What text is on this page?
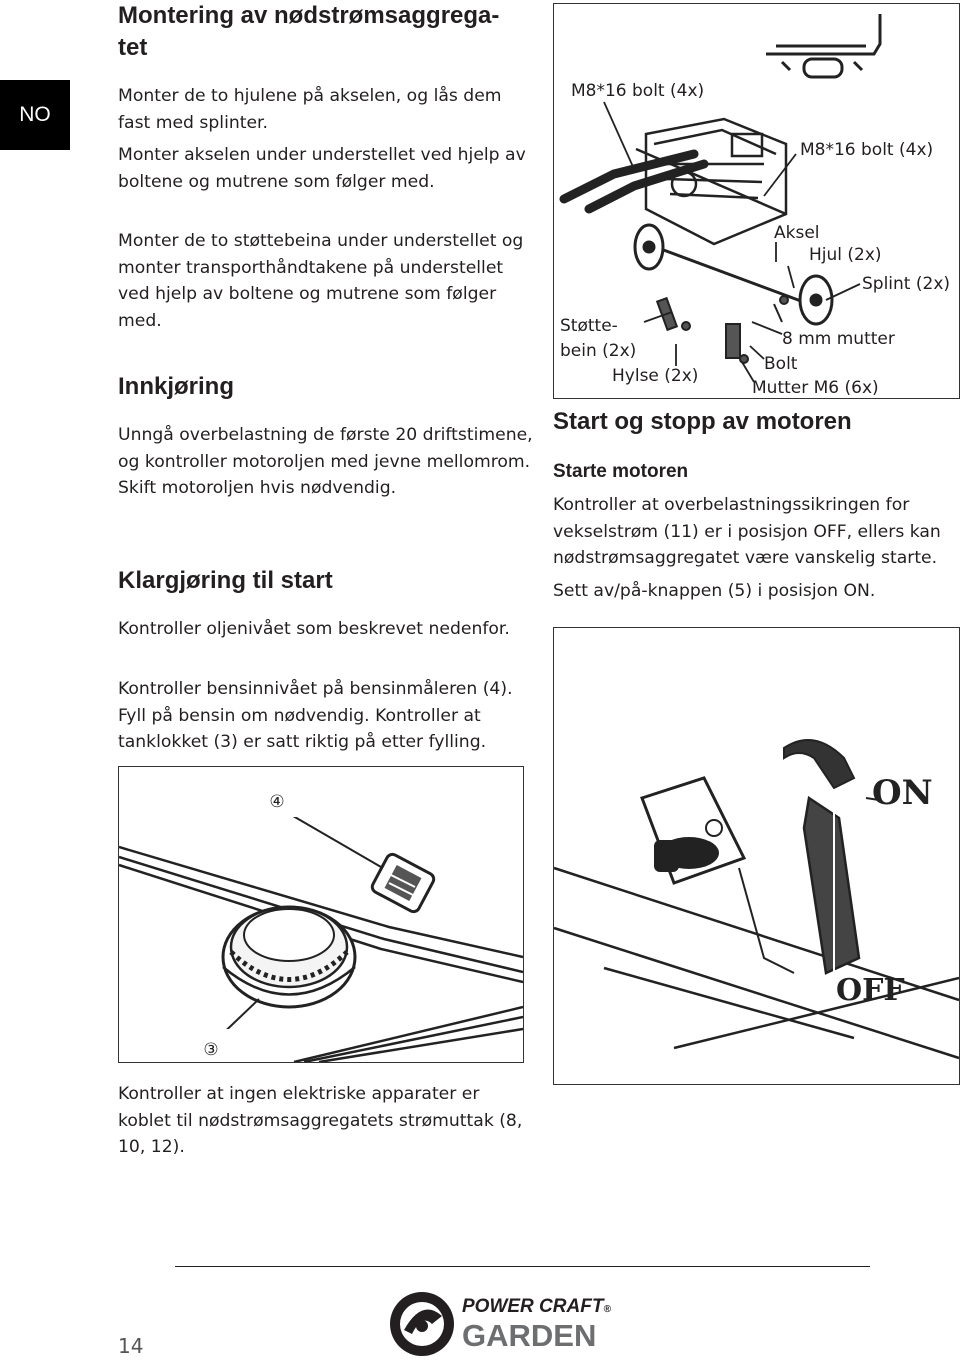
NO
Montering av nødstrømsaggrega-
tet

Monter de to hjulene på akselen, og lås dem fast med splinter.

Monter akselen under understellet ved hjelp av boltene og mutrene som følger med.

Monter de to støttebeina under understellet og monter transporthåndtakene på understellet ved hjelp av boltene og mutrene som følger med.

Innkjøring

Unngå overbelastning de første 20 driftstimene, og kontroller motoroljen med jevne mellomrom. Skift motoroljen hvis nødvendig.

Klargjøring til start

Kontroller oljenivået som beskrevet nedenfor.

Kontroller bensinnivået på bensinmåleren (4). Fyll på bensin om nødvendig. Kontroller at tanklokket (3) er satt riktig på etter fylling.

④
③

Kontroller at ingen elektriske apparater er koblet til nødstrømsaggregatets strømuttak (8, 10, 12).

M8*16 bolt (4x)
M8*16 bolt (4x)
Aksel
Hjul (2x)
Splint (2x)
Støtte-
bein (2x)
8 mm mutter
Bolt
Hylse (2x)
Mutter M6 (6x)
Start og stopp av motoren
Starte motoren

Kontroller at overbelastningssikringen for vekselstrøm (11) er i posisjon OFF, ellers kan nødstrømsaggregatet være vanskelig starte.

Sett av/på-knappen (5) i posisjon ON.

ON
OFF
14
POWER CRAFT®
GARDEN
